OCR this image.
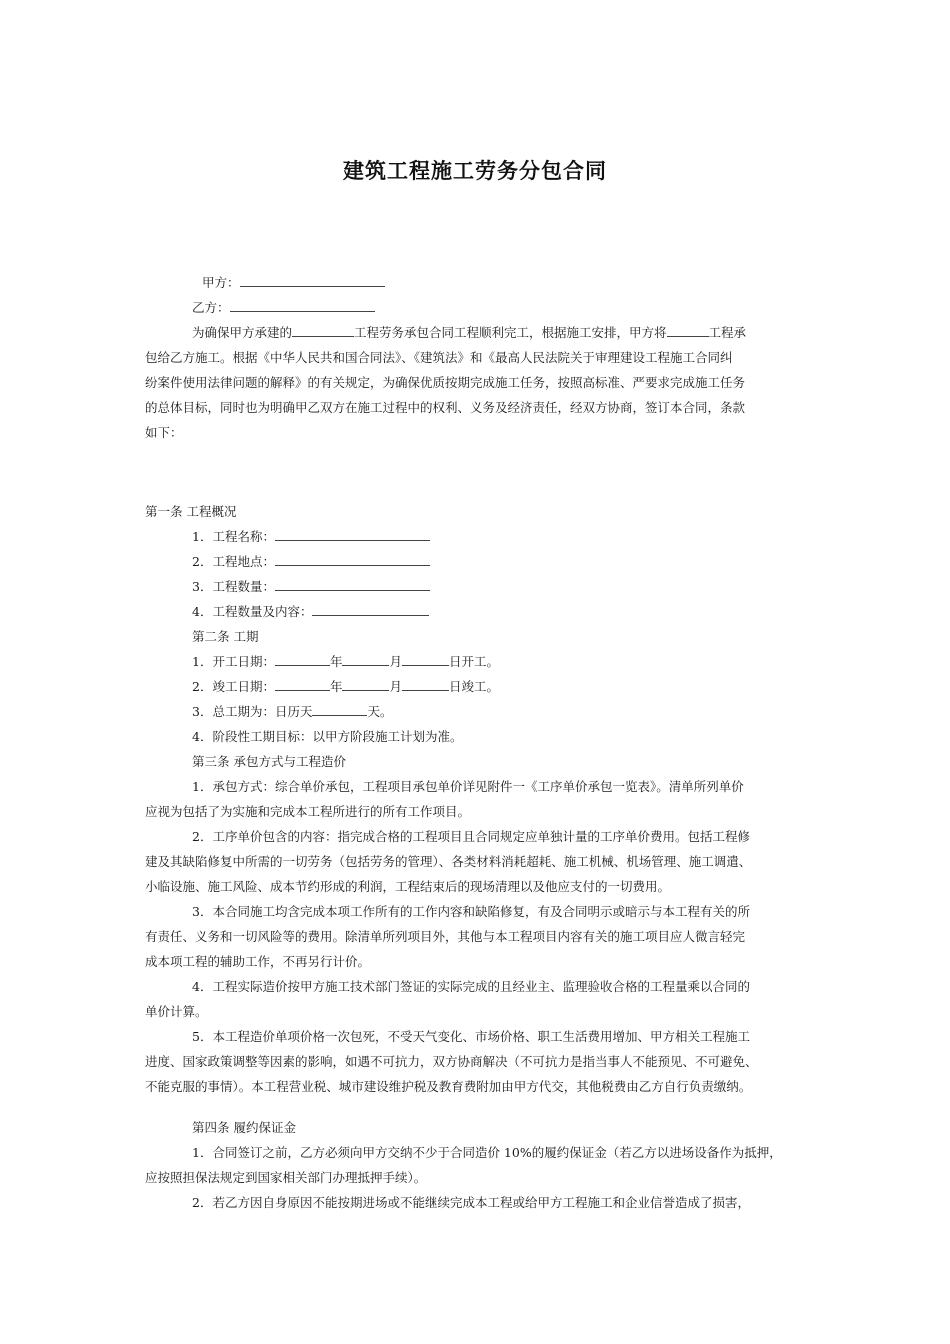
建筑工程施工劳务分包合同
甲方：
乙方：
为确保甲方承建的	工程劳务承包合同工程顺利完工，根据施工安排，甲方将	工程承
包给乙方施工。根据《中华人民共和国合同法》、《建筑法》和《最高人民法院关于审理建设工程施工合同纠
纷案件使用法律问题的解释》的有关规定，为确保优质按期完成施工任务，按照高标准、严要求完成施工任务
的总体目标，同时也为明确甲乙双方在施工过程中的权利、义务及经济责任，经双方协商，签订本合同，条款
如下：
第一条 工程概况
1．工程名称：
2．工程地点：
3．工程数量：
4．工程数量及内容：
第二条 工期
1．开工日期：	年	月	日开工。
2．竣工日期：	年	月	日竣工。
3．总工期为：日历天	天。
4．阶段性工期目标：以甲方阶段施工计划为准。
第三条 承包方式与工程造价
1．承包方式：综合单价承包，工程项目承包单价详见附件一《工序单价承包一览表》。清单所列单价
应视为包括了为实施和完成本工程所进行的所有工作项目。
2．工序单价包含的内容：指完成合格的工程项目且合同规定应单独计量的工序单价费用。包括工程修
建及其缺陷修复中所需的一切劳务（包括劳务的管理）、各类材料消耗超耗、施工机械、机场管理、施工调遣、
小临设施、施工风险、成本节约形成的利润，工程结束后的现场清理以及他应支付的一切费用。
3．本合同施工均含完成本项工作所有的工作内容和缺陷修复，有及合同明示或暗示与本工程有关的所
有责任、义务和一切风险等的费用。除清单所列项目外，其他与本工程项目内容有关的施工项目应人微言轻完
成本项工程的辅助工作，不再另行计价。
4．工程实际造价按甲方施工技术部门签证的实际完成的且经业主、监理验收合格的工程量乘以合同的
单价计算。
5．本工程造价单项价格一次包死，不受天气变化、市场价格、职工生活费用增加、甲方相关工程施工
进度、国家政策调整等因素的影响，如遇不可抗力，双方协商解决（不可抗力是指当事人不能预见、不可避免、
不能克服的事情）。本工程营业税、城市建设维护税及教育费附加由甲方代交，其他税费由乙方自行负责缴纳。
第四条 履约保证金
1．合同签订之前，乙方必须向甲方交纳不少于合同造价 10%的履约保证金（若乙方以进场设备作为抵押，
应按照担保法规定到国家相关部门办理抵押手续）。
2．若乙方因自身原因不能按期进场或不能继续完成本工程或给甲方工程施工和企业信誉造成了损害，
